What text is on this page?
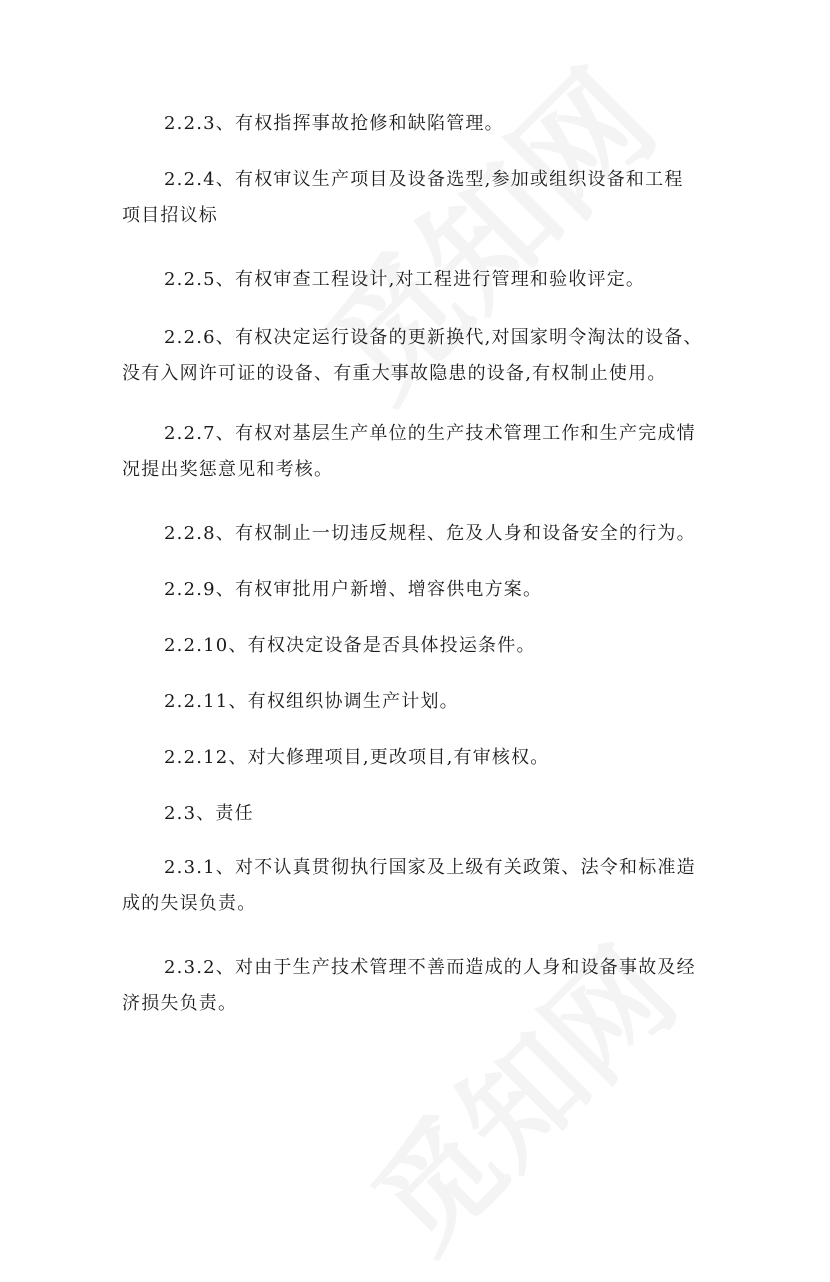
2.2.3、有权指挥事故抢修和缺陷管理。

2.2.4、有权审议生产项目及设备选型,参加或组织设备和工程
项目招议标

2.2.5、有权审查工程设计,对工程进行管理和验收评定。

2.2.6、有权决定运行设备的更新换代,对国家明令淘汰的设备、
没有入网许可证的设备、有重大事故隐患的设备,有权制止使用。

2.2.7、有权对基层生产单位的生产技术管理工作和生产完成情
况提出奖惩意见和考核。

2.2.8、有权制止一切违反规程、危及人身和设备安全的行为。

2.2.9、有权审批用户新增、增容供电方案。

2.2.10、有权决定设备是否具体投运条件。

2.2.11、有权组织协调生产计划。

2.2.12、对大修理项目,更改项目,有审核权。

2.3、责任

2.3.1、对不认真贯彻执行国家及上级有关政策、法令和标准造
成的失误负责。

2.3.2、对由于生产技术管理不善而造成的人身和设备事故及经
济损失负责。
